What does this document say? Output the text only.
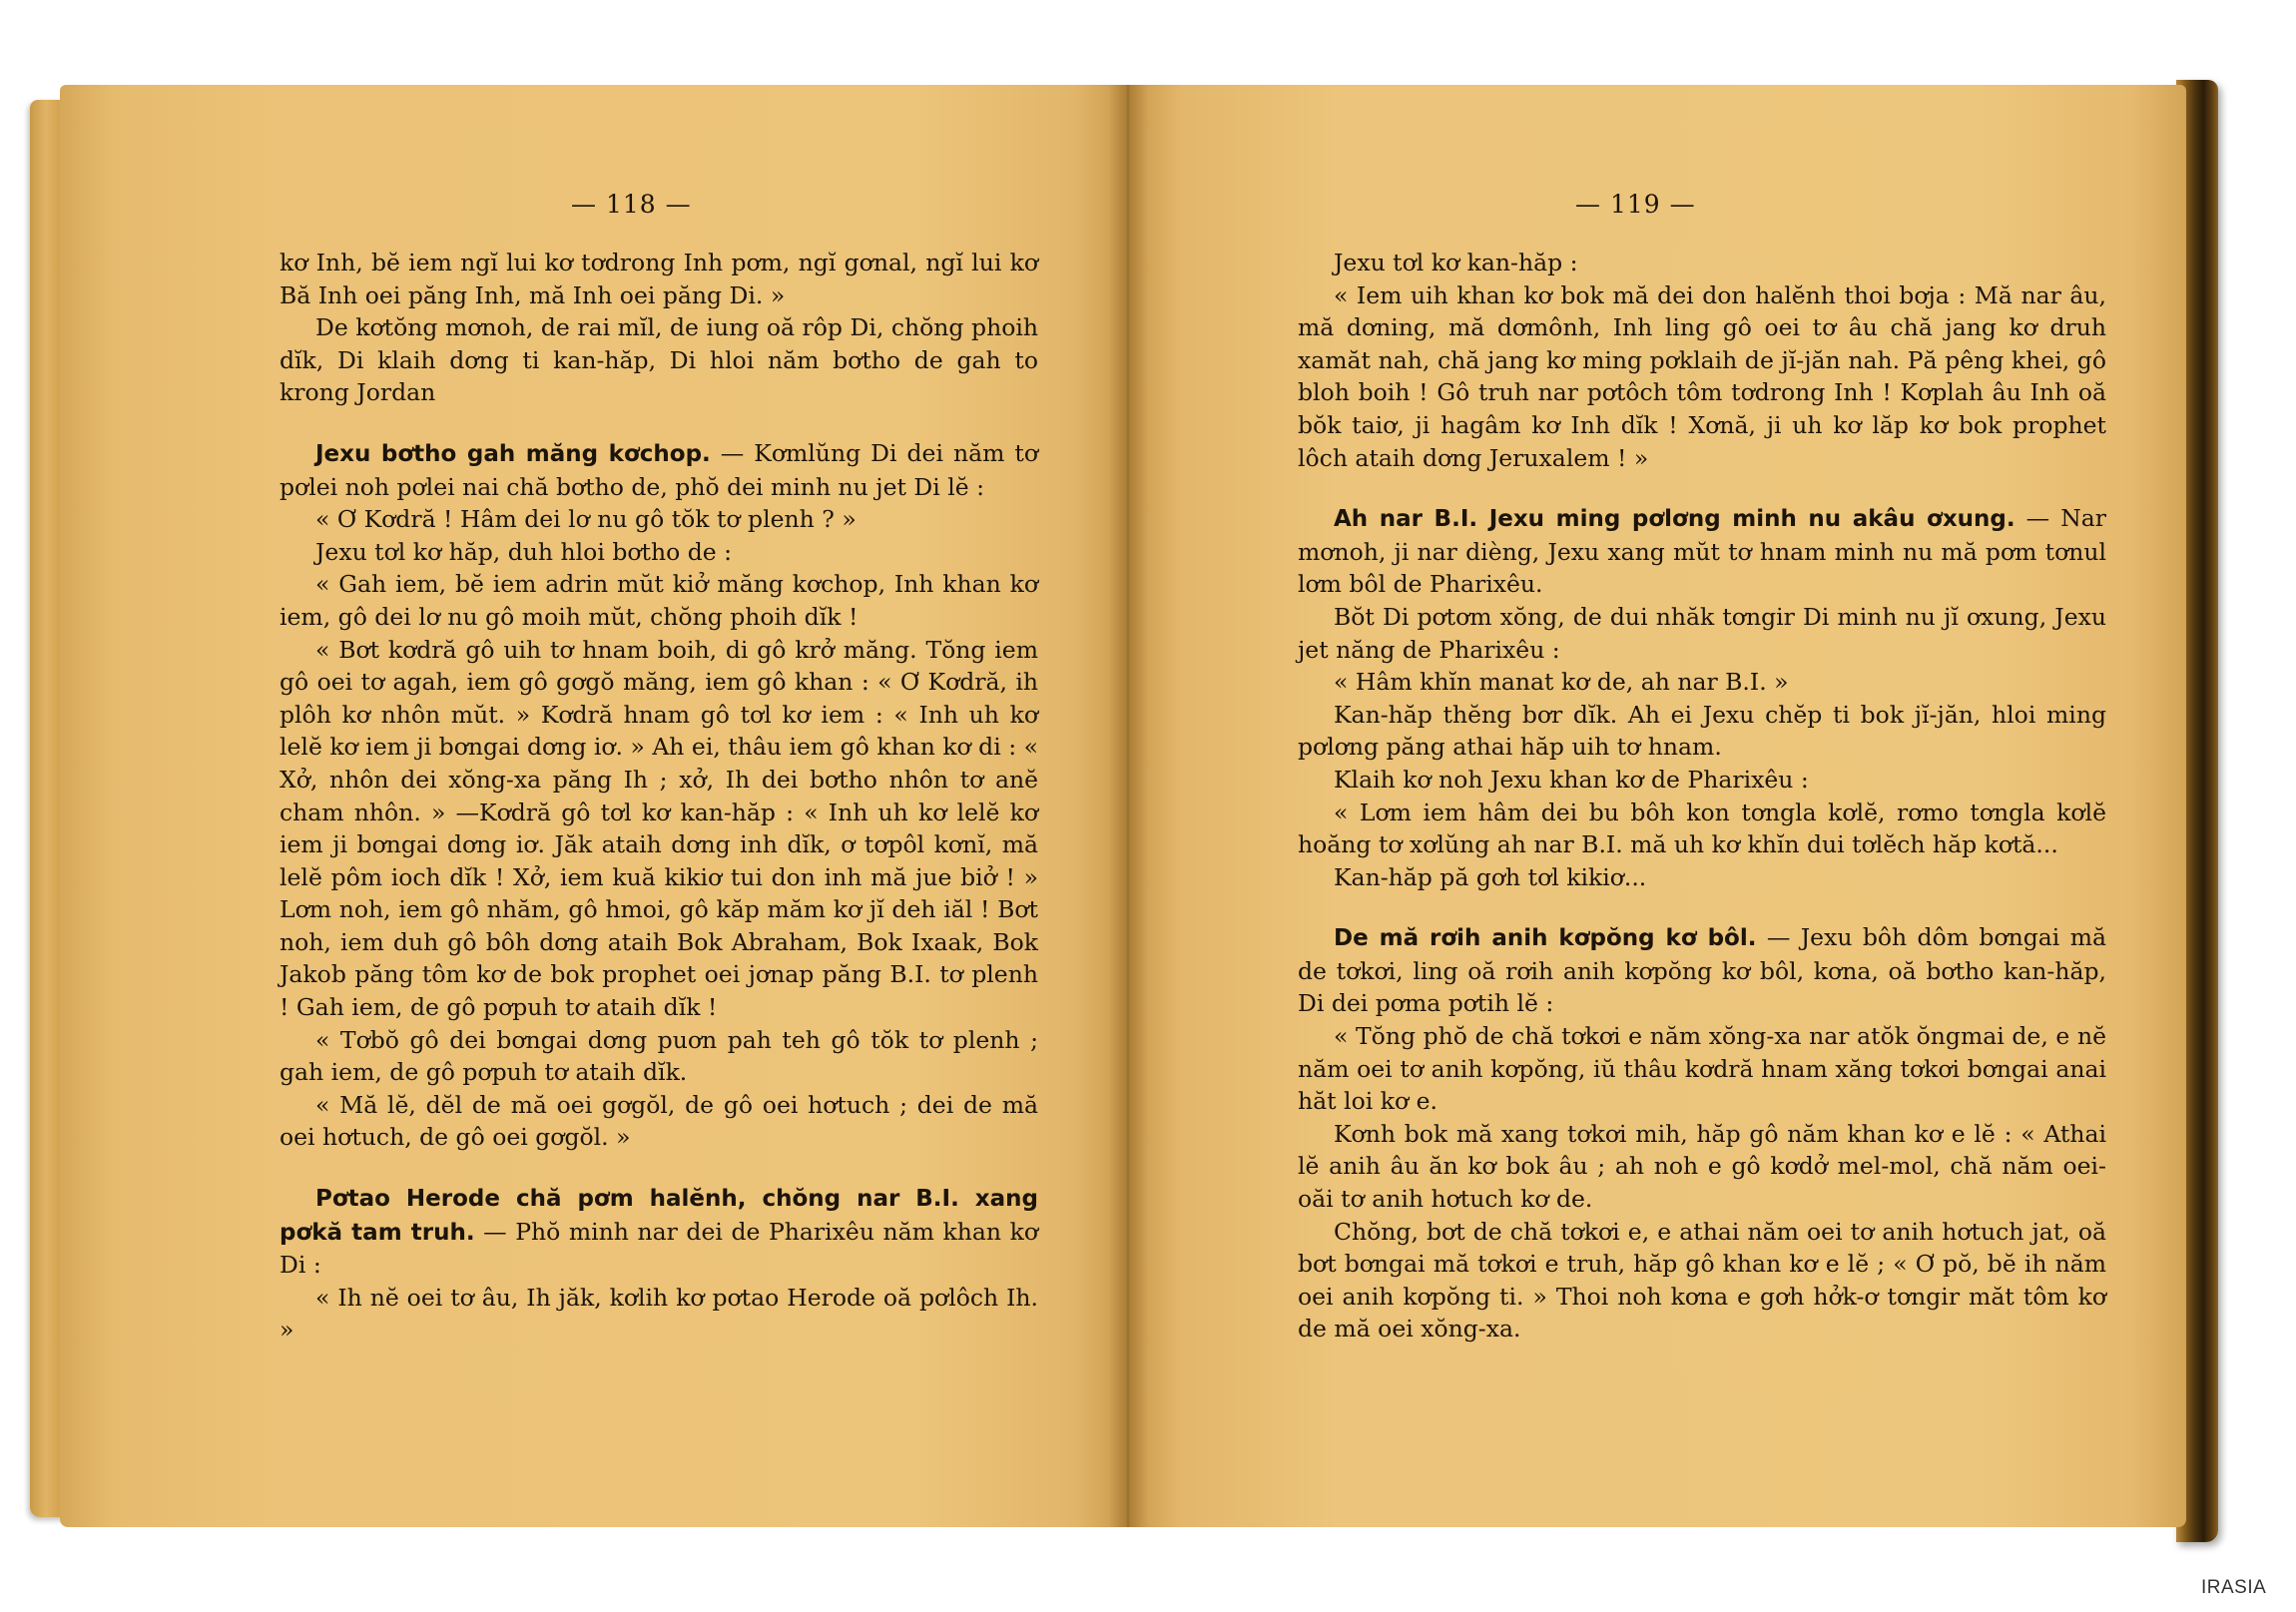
— 118 —

kơ Inh, bĕ iem ngĭ lui kơ tơdrong Inh pơm, ngĭ gơnal, ngĭ lui kơ Bă Inh oei păng Inh, mă Inh oei păng Di. »

De kơtŏng mơnoh, de rai mĭl, de iung oă rôp Di, chŏng phoih dĭk, Di klaih dơng ti kan-hăp, Di hloi năm bơtho de gah to krong Jordan

Jexu bơtho gah măng kơchop. — Kơmlŭng Di dei năm tơ pơlei noh pơlei nai chă bơtho de, phŏ dei minh nu jet Di lĕ :

« Ơ Kơdră ! Hâm dei lơ nu gô tŏk tơ plenh ? »

Jexu tơl kơ hăp, duh hloi bơtho de :

« Gah iem, bĕ iem adrin mŭt kiở măng kơchop, Inh khan kơ iem, gô dei lơ nu gô moih mŭt, chŏng phoih dĭk !

« Bơt kơdră gô uih tơ hnam boih, di gô krở măng. Tŏng iem gô oei tơ agah, iem gô gơgŏ măng, iem gô khan : « Ơ Kơdră, ih plôh kơ nhôn mŭt. » Kơdră hnam gô tơl kơ iem : « Inh uh kơ lelĕ kơ iem ji bơngai dơng iơ. » Ah ei, thâu iem gô khan kơ di : « Xở, nhôn dei xŏng-xa păng Ih ; xở, Ih dei bơtho nhôn tơ anĕ cham nhôn. » —Kơdră gô tơl kơ kan-hăp : « Inh uh kơ lelĕ kơ iem ji bơngai dơng iơ. Jăk ataih dơng inh dĭk, ơ tơpôl kơnĭ, mă lelĕ pôm ioch dĭk ! Xở, iem kuă kikiơ tui don inh mă jue biở ! » Lơm noh, iem gô nhăm, gô hmoi, gô kăp măm kơ jĭ deh iăl ! Bơt noh, iem duh gô bôh dơng ataih Bok Abraham, Bok Ixaak, Bok Jakob păng tôm kơ de bok prophet oei jơnap păng B.I. tơ plenh ! Gah iem, de gô pơpuh tơ ataih dĭk !

« Tơbŏ gô dei bơngai dơng puơn pah teh gô tŏk tơ plenh ; gah iem, de gô pơpuh tơ ataih dĭk.

« Mă lĕ, dĕl de mă oei gơgŏl, de gô oei hơtuch ; dei de mă oei hơtuch, de gô oei gơgŏl. »

Pơtao Herode chă pơm halĕnh, chŏng nar B.I. xang pơkă tam truh. — Phŏ minh nar dei de Pharixêu năm khan kơ Di :

« Ih nĕ oei tơ âu, Ih jăk, kơlih kơ pơtao Herode oă pơlôch Ih. »

— 119 —

Jexu tơl kơ kan-hăp :

« Iem uih khan kơ bok mă dei don halĕnh thoi bơja : Mă nar âu, mă dơning, mă dơmônh, Inh ling gô oei tơ âu chă jang kơ druh xamăt nah, chă jang kơ ming pơklaih de jĭ-jăn nah. Pă pêng khei, gô bloh boih ! Gô truh nar pơtôch tôm tơdrong Inh ! Kơplah âu Inh oă bŏk taiơ, ji hagâm kơ Inh dĭk ! Xơnă, ji uh kơ lăp kơ bok prophet lôch ataih dơng Jeruxalem ! »

Ah nar B.I. Jexu ming pơlơng minh nu akâu ơxung. — Nar mơnoh, ji nar dièng, Jexu xang mŭt tơ hnam minh nu mă pơm tơnul lơm bôl de Pharixêu.

Bŏt Di pơtơm xŏng, de dui nhăk tơngir Di minh nu jĭ ơxung, Jexu jet năng de Pharixêu :

« Hâm khĭn manat kơ de, ah nar B.I. »

Kan-hăp thĕng bơr dĭk. Ah ei Jexu chĕp ti bok jĭ-jăn, hloi ming pơlơng păng athai hăp uih tơ hnam.

Klaih kơ noh Jexu khan kơ de Pharixêu :

« Lơm iem hâm dei bu bôh kon tơngla kơlĕ, rơmo tơngla kơlĕ hoăng tơ xơlŭng ah nar B.I. mă uh kơ khĭn dui tơlĕch hăp kơtă...

Kan-hăp pă gơh tơl kikiơ...

De mă rơih anih kơpŏng kơ bôl. — Jexu bôh dôm bơngai mă de tơkơi, ling oă rơih anih kơpŏng kơ bôl, kơna, oă bơtho kan-hăp, Di dei pơma pơtih lĕ :

« Tŏng phŏ de chă tơkơi e năm xŏng-xa nar atŏk ŏngmai de, e nĕ năm oei tơ anih kơpŏng, iŭ thâu kơdră hnam xăng tơkơi bơngai anai hăt loi kơ e.

Kơnh bok mă xang tơkơi mih, hăp gô năm khan kơ e lĕ : « Athai lĕ anih âu ăn kơ bok âu ; ah noh e gô kơdở mel-mol, chă năm oei-oăi tơ anih hơtuch kơ de.

Chŏng, bơt de chă tơkơi e, e athai năm oei tơ anih hơtuch jat, oă bơt bơngai mă tơkơi e truh, hăp gô khan kơ e lĕ ; « Ơ pŏ, bĕ ih năm oei anih kơpŏng ti. » Thoi noh kơna e gơh hởk-ơ tơngir măt tôm kơ de mă oei xŏng-xa.

IRASIA
